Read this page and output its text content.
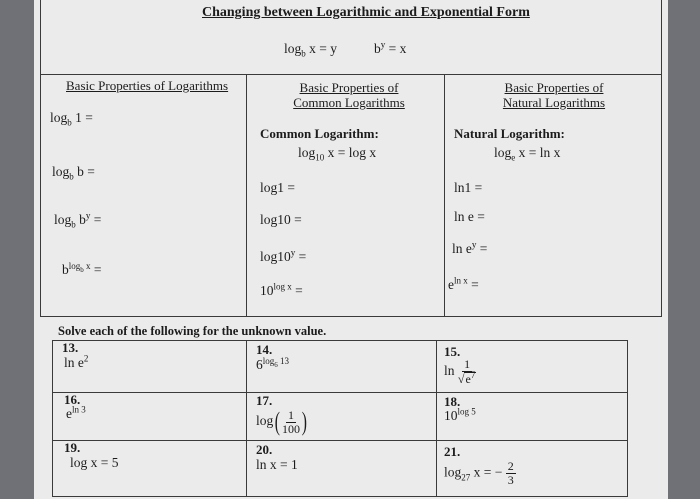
Changing between Logarithmic and Exponential Form
$\log_b x = y$	$b^y = x$
Basic Properties of Logarithms
$\log_b 1$ =
$\log_b b$ =
$\log_b b^y$ =
$b^{log_b x}$ =
Basic Properties of
Common Logarithms
Common Logarithm:
$\log_{10} x = \log x$
log1 =
log10 =
$\log 10^y$ =
$10^{log x}$ =
Basic Properties of
Natural Logarithms
Natural Logarithm:
$\log_e x = \ln x$
ln1 =
ln e =
$\ln e^y$ =
$e^{ln x}$ =
Solve each of the following for the unknown value.
13.
$\ln e^2$
14.
$6^{log_6 13}$
15.
$\ln \frac{1}{√ e^7}$
16.
$e^{ln 3}$
17.
$\log( \frac{1}{100}$ )
18.
$10^{log 5}$
19.
log x = 5
20.
ln x = 1
21.
$\log_{27} x$ = − $\frac{2}{3}$
